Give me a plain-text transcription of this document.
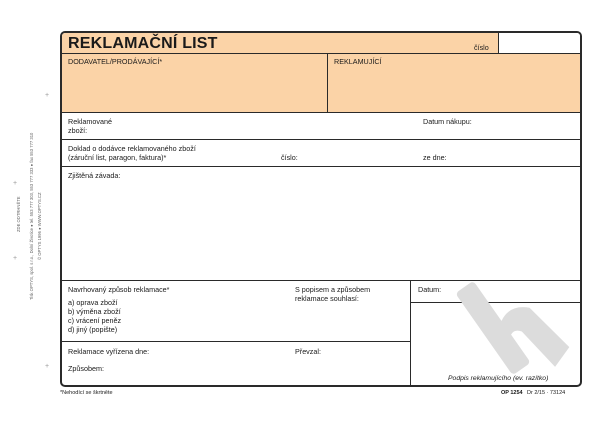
ZDE ODTRHNĚTE Tisk OPTYS, spol. s r.o., Dolní Životice ● tel. 553 777 303, 553 777 333 ● fax 553 777 310 © OPTYS 1996 ● WWW.OPTYS.CZ
+
+
+
+
REKLAMAČNÍ LIST	číslo
DODAVATEL/PRODÁVAJÍCÍ*	REKLAMUJÍCÍ
Reklamované
zboží:
Datum nákupu:
Doklad o dodávce reklamovaného zboží
(záruční list, paragon, faktura)*	číslo:	ze dne:
Zjištěná závada:
Navrhovaný způsob reklamace*
a) oprava zboží
b) výměna zboží
c) vrácení peněz
d) jiný (popište)
S popisem a způsobem
reklamace souhlasí:
Datum:
Reklamace vyřízena dne:	Převzal:
Způsobem:
Podpis reklamujícího (ev. razítko)
*Nehodící se škrtněte	OP 1254 Dr 2/15 · 73124
